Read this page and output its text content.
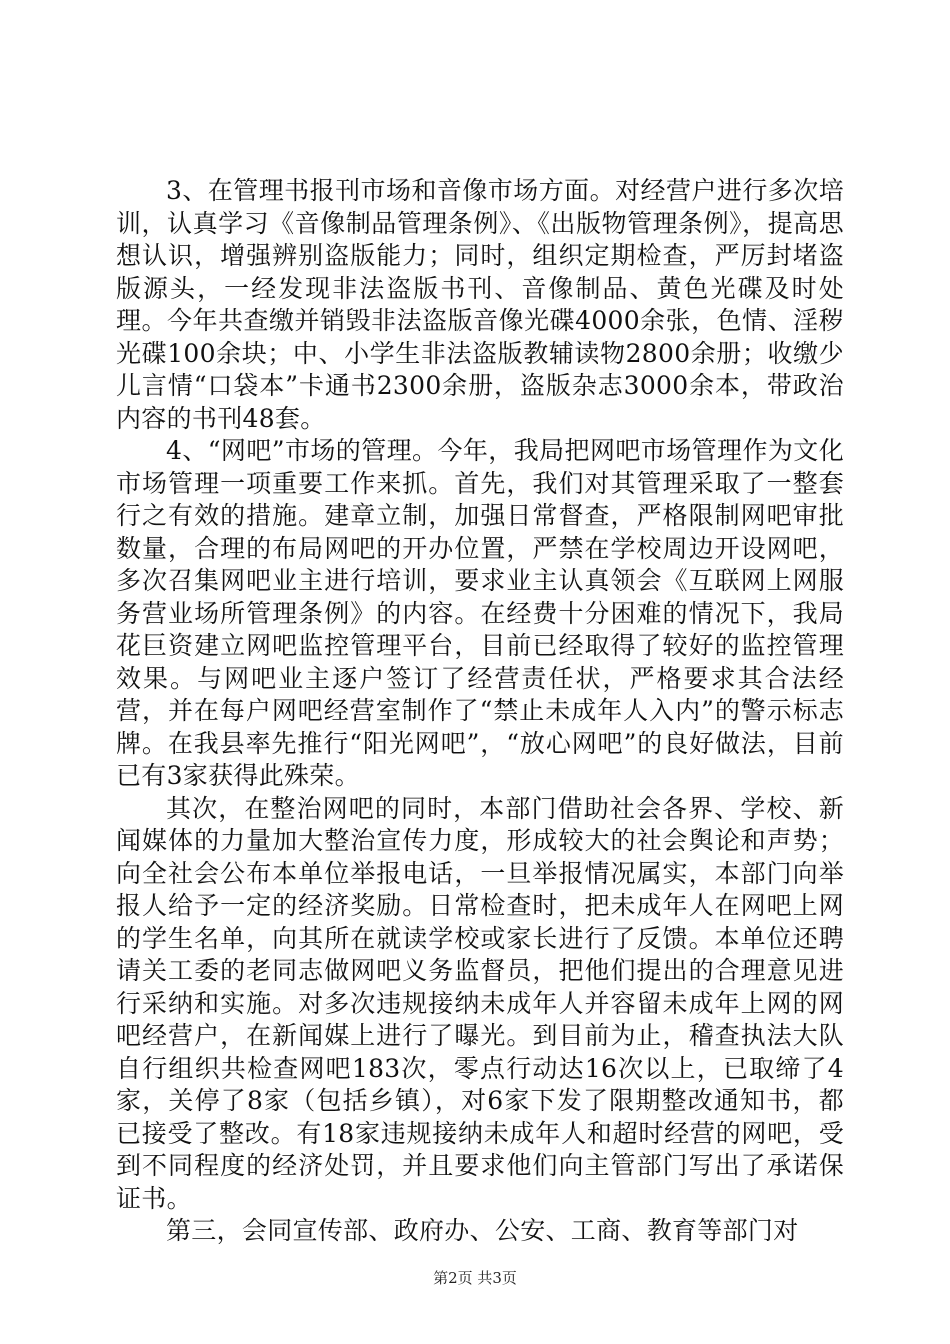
3、在管理书报刊市场和音像市场方面。对经营户进行多次培训，认真学习《音像制品管理条例》、《出版物管理条例》，提高思想认识，增强辨别盗版能力；同时，组织定期检查，严厉封堵盗版源头，一经发现非法盗版书刊、音像制品、黄色光碟及时处理。今年共查缴并销毁非法盗版音像光碟4000余张，色情、淫秽光碟100余块；中、小学生非法盗版教辅读物2800余册；收缴少儿言情“口袋本”卡通书2300余册，盗版杂志3000余本，带政治内容的书刊48套。

4、“网吧”市场的管理。今年，我局把网吧市场管理作为文化市场管理一项重要工作来抓。首先，我们对其管理采取了一整套行之有效的措施。建章立制，加强日常督查，严格限制网吧审批数量，合理的布局网吧的开办位置，严禁在学校周边开设网吧，多次召集网吧业主进行培训，要求业主认真领会《互联网上网服务营业场所管理条例》的内容。在经费十分困难的情况下，我局花巨资建立网吧监控管理平台，目前已经取得了较好的监控管理效果。与网吧业主逐户签订了经营责任状，严格要求其合法经营，并在每户网吧经营室制作了“禁止未成年人入内”的警示标志牌。在我县率先推行“阳光网吧”，“放心网吧”的良好做法，目前已有3家获得此殊荣。

其次，在整治网吧的同时，本部门借助社会各界、学校、新闻媒体的力量加大整治宣传力度，形成较大的社会舆论和声势；向全社会公布本单位举报电话，一旦举报情况属实，本部门向举报人给予一定的经济奖励。日常检查时，把未成年人在网吧上网的学生名单，向其所在就读学校或家长进行了反馈。本单位还聘请关工委的老同志做网吧义务监督员，把他们提出的合理意见进行采纳和实施。对多次违规接纳未成年人并容留未成年上网的网吧经营户，在新闻媒上进行了曝光。到目前为止，稽查执法大队自行组织共检查网吧183次，零点行动达16次以上，已取缔了4家，关停了8家（包括乡镇），对6家下发了限期整改通知书，都已接受了整改。有18家违规接纳未成年人和超时经营的网吧，受到不同程度的经济处罚，并且要求他们向主管部门写出了承诺保证书。

第三，会同宣传部、政府办、公安、工商、教育等部门对

第2页 共3页
